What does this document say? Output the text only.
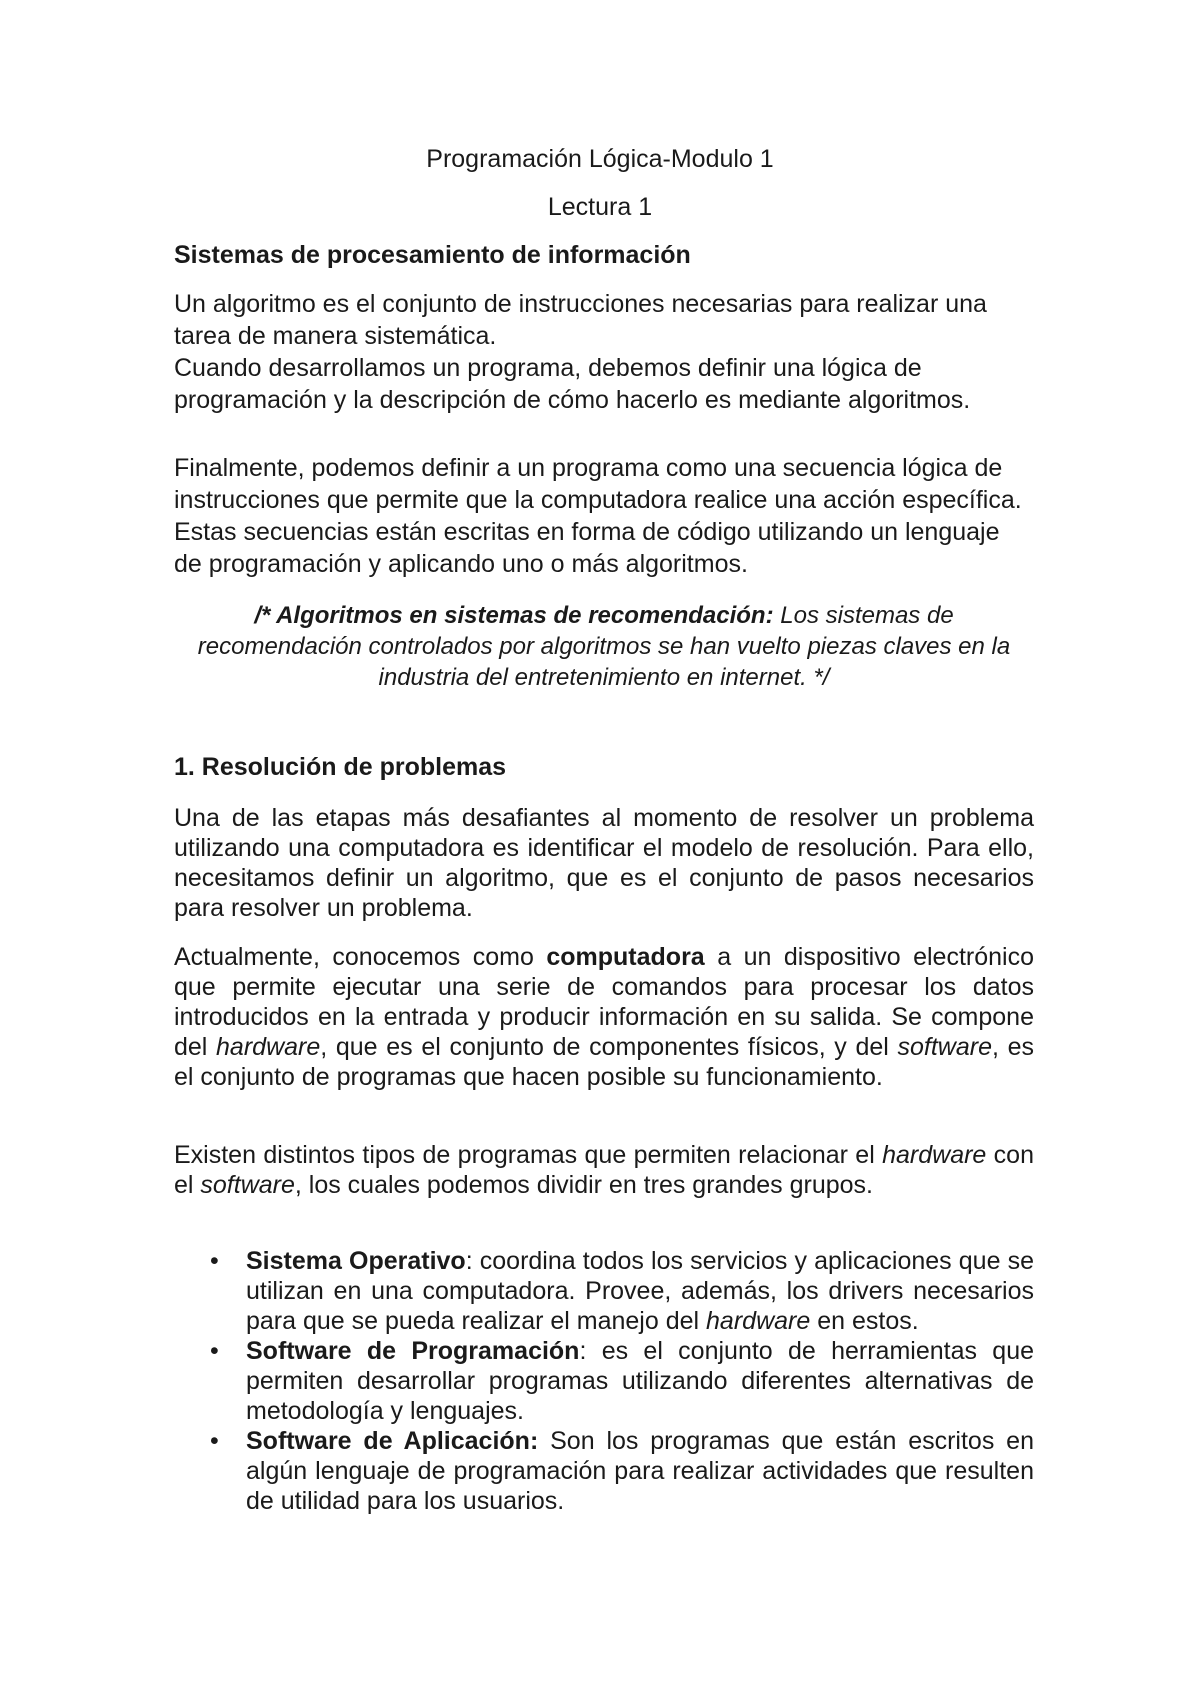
Programación Lógica-Modulo 1
Lectura 1

Sistemas de procesamiento de información

Un algoritmo es el conjunto de instrucciones necesarias para realizar una tarea de manera sistemática.

Cuando desarrollamos un programa, debemos definir una lógica de programación y la descripción de cómo hacerlo es mediante algoritmos.

Finalmente, podemos definir a un programa como una secuencia lógica de instrucciones que permite que la computadora realice una acción específica. Estas secuencias están escritas en forma de código utilizando un lenguaje de programación y aplicando uno o más algoritmos.

/* Algoritmos en sistemas de recomendación: Los sistemas de recomendación controlados por algoritmos se han vuelto piezas claves en la industria del entretenimiento en internet. */

1. Resolución de problemas

Una de las etapas más desafiantes al momento de resolver un problema utilizando una computadora es identificar el modelo de resolución. Para ello, necesitamos definir un algoritmo, que es el conjunto de pasos necesarios para resolver un problema.

Actualmente, conocemos como computadora a un dispositivo electrónico que permite ejecutar una serie de comandos para procesar los datos introducidos en la entrada y producir información en su salida. Se compone del hardware, que es el conjunto de componentes físicos, y del software, es el conjunto de programas que hacen posible su funcionamiento.

Existen distintos tipos de programas que permiten relacionar el hardware con el software, los cuales podemos dividir en tres grandes grupos.

• Sistema Operativo: coordina todos los servicios y aplicaciones que se utilizan en una computadora. Provee, además, los drivers necesarios para que se pueda realizar el manejo del hardware en estos.
• Software de Programación: es el conjunto de herramientas que permiten desarrollar programas utilizando diferentes alternativas de metodología y lenguajes.
• Software de Aplicación: Son los programas que están escritos en algún lenguaje de programación para realizar actividades que resulten de utilidad para los usuarios.
